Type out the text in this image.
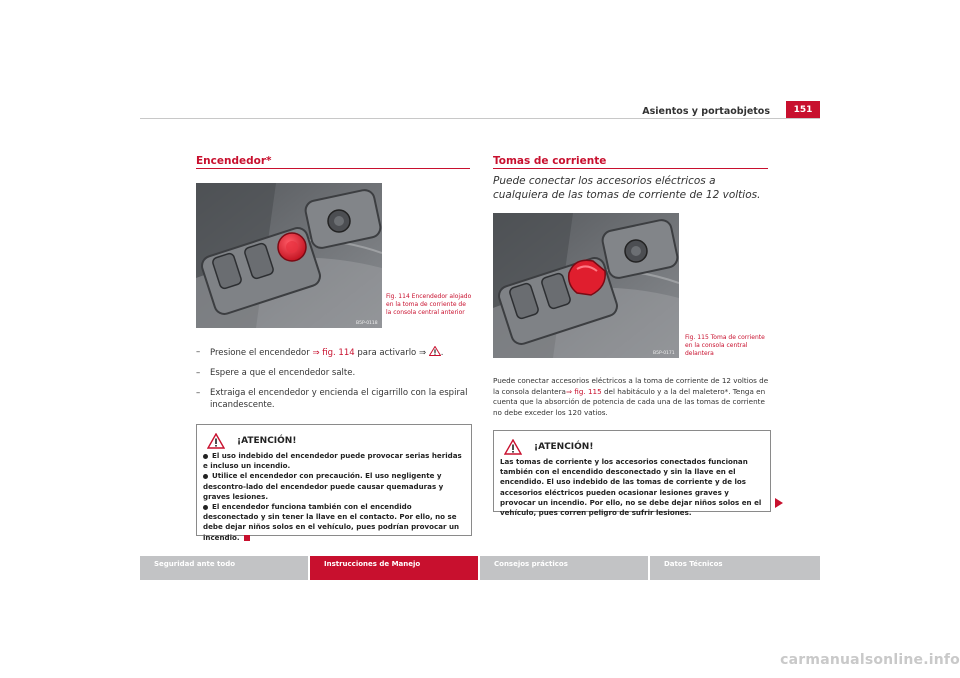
Asientos y portaobjetos	151
Encendedor*
B5P-0118
Fig. 114 Encendedor alojado en la toma de corriente de la consola central anterior
– Presione el encendedor ⇒ fig. 114 para activarlo ⇒ .
– Espere a que el encendedor salte.
– Extraiga el encendedor y encienda el cigarrillo con la espiral incandescente.
¡ATENCIÓN!
El uso indebido del encendedor puede provocar serias heridas e incluso un incendio.
Utilice el encendedor con precaución. El uso negligente y descontro-lado del encendedor puede causar quemaduras y graves lesiones.
El encendedor funciona también con el encendido desconectado y sin tener la llave en el contacto. Por ello, no se debe dejar niños solos en el vehículo, pues podrían provocar un incendio.
Tomas de corriente
Puede conectar los accesorios eléctricos a cualquiera de las tomas de corriente de 12 voltios.
B5P-0171
Fig. 115 Toma de corriente en la consola central delantera
Puede conectar accesorios eléctricos a la toma de corriente de 12 voltios de la consola delantera⇒ fig. 115 del habitáculo y a la del maletero*. Tenga en cuenta que la absorción de potencia de cada una de las tomas de corriente no debe exceder los 120 vatios.
¡ATENCIÓN!
Las tomas de corriente y los accesorios conectados funcionan también con el encendido desconectado y sin la llave en el encendido. El uso indebido de las tomas de corriente y de los accesorios eléctricos pueden ocasionar lesiones graves y provocar un incendio. Por ello, no se debe dejar niños solos en el vehículo, pues corren peligro de sufrir lesiones.
Seguridad ante todo	Instrucciones de Manejo	Consejos prácticos	Datos Técnicos
carmanualsonline.info
